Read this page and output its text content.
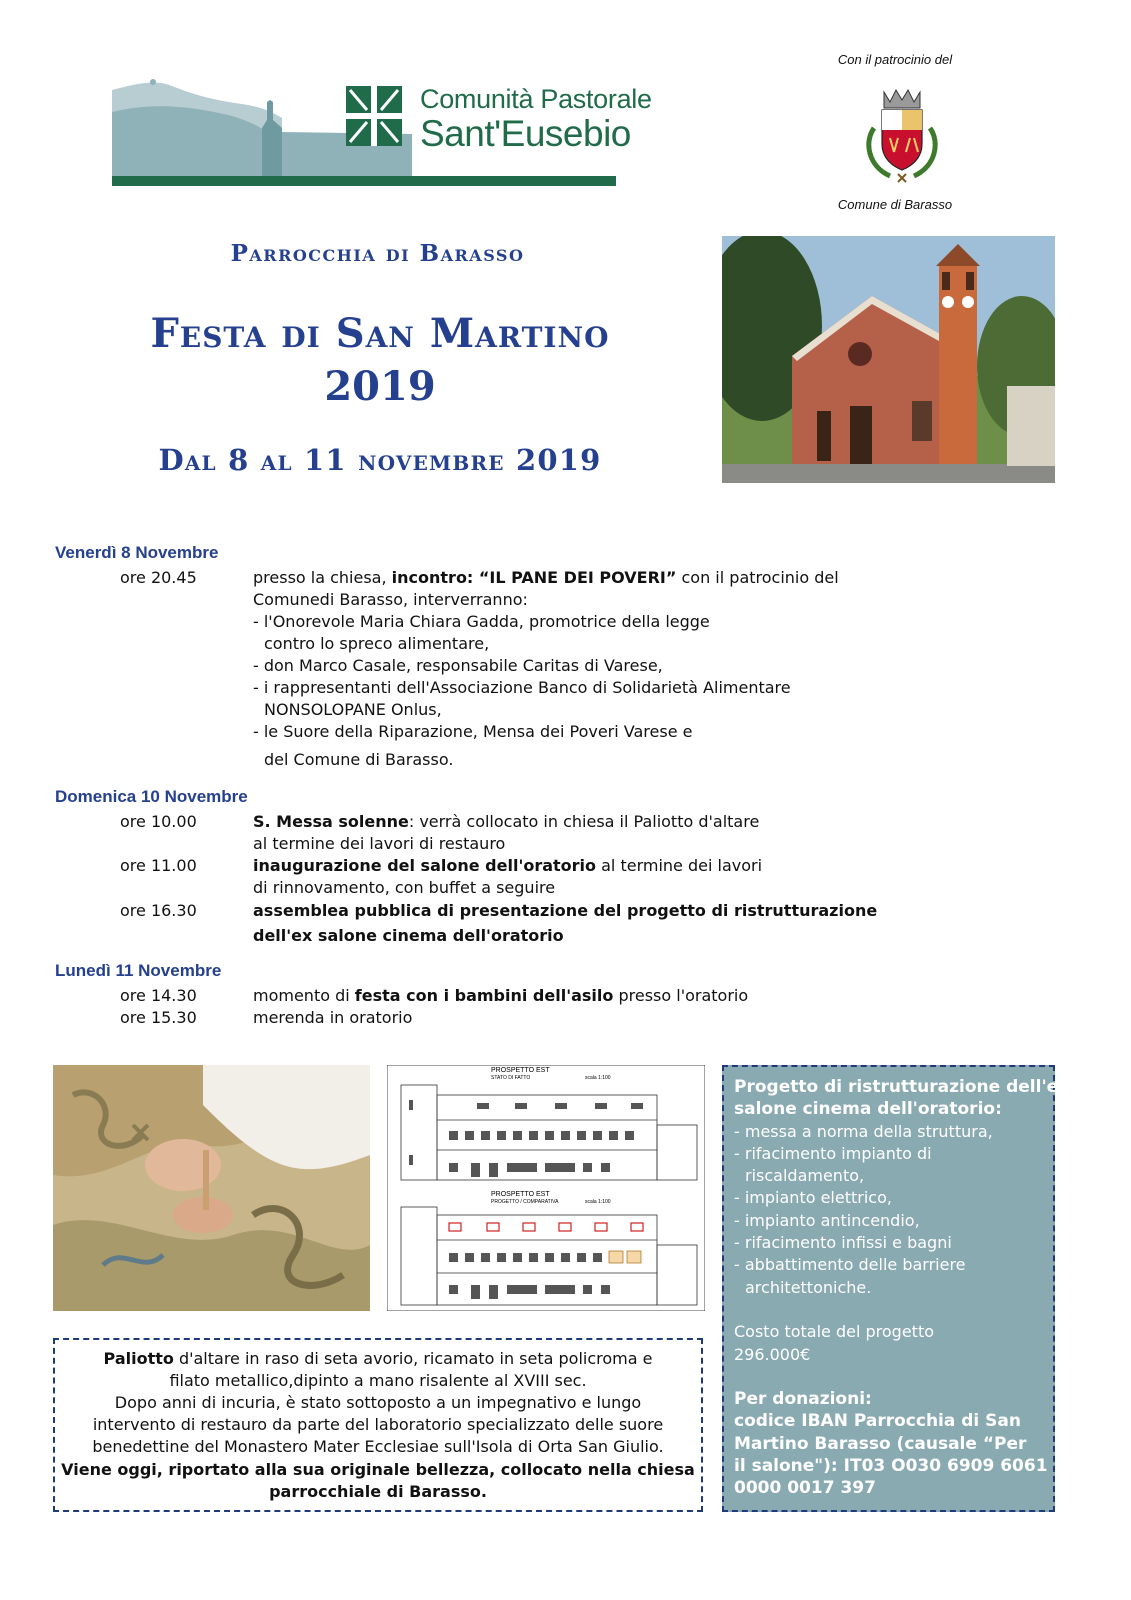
Comunità Pastorale
Sant'Eusebio
Con il patrocinio del
Comune di Barasso
Parrocchia di Barasso
Festa di San Martino
2019
Dal 8 al 11 novembre 2019
Venerdì 8 Novembre
ore 20.45	presso la chiesa, incontro: “IL PANE DEI POVERI” con il patrocinio del
Comunedi Barasso, interverranno:
- l'Onorevole Maria Chiara Gadda, promotrice della legge
contro lo spreco alimentare,
- don Marco Casale, responsabile Caritas di Varese,
- i rappresentanti dell'Associazione Banco di Solidarietà Alimentare
NONSOLOPANE Onlus,
- le Suore della Riparazione, Mensa dei Poveri Varese e
del Comune di Barasso.
Domenica 10 Novembre
ore 10.00	S. Messa solenne: verrà collocato in chiesa il Paliotto d'altare
al termine dei lavori di restauro
ore 11.00	inaugurazione del salone dell'oratorio al termine dei lavori
di rinnovamento, con buffet a seguire
ore 16.30	assemblea pubblica di presentazione del progetto di ristrutturazione
dell'ex salone cinema dell'oratorio
Lunedì 11 Novembre
ore 14.30	momento di festa con i bambini dell'asilo presso l'oratorio
ore 15.30	merenda in oratorio
PROSPETTO EST
STATO DI FATTO	scala 1:100
PROSPETTO EST
PROGETTO / COMPARATIVA	scala 1:100
Paliotto d'altare in raso di seta avorio, ricamato in seta policroma e
filato metallico,dipinto a mano risalente al XVIII sec.
Dopo anni di incuria, è stato sottoposto a un impegnativo e lungo
intervento di restauro da parte del laboratorio specializzato delle suore
benedettine del Monastero Mater Ecclesiae sull'Isola di Orta San Giulio.
Viene oggi, riportato alla sua originale bellezza, collocato nella chiesa
parrocchiale di Barasso.
Progetto di ristrutturazione dell'ex
salone cinema dell'oratorio:
- messa a norma della struttura,
- rifacimento impianto di
riscaldamento,
- impianto elettrico,
- impianto antincendio,
- rifacimento infissi e bagni
- abbattimento delle barriere
architettoniche.
Costo totale del progetto
296.000€
Per donazioni:
codice IBAN Parrocchia di San
Martino Barasso (causale “Per
il salone"): IT03 O030 6909 6061
0000 0017 397
